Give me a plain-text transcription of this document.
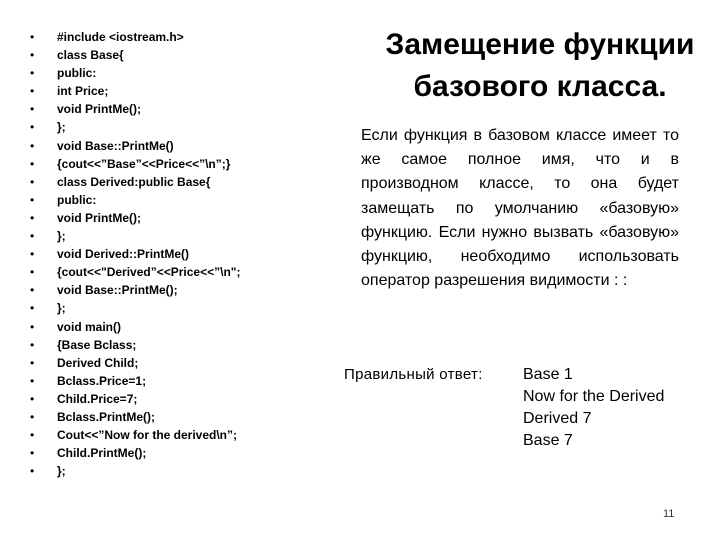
• #include <iostream.h>
• class Base{
• public:
• int Price;
• void PrintMe();
• };
• void Base::PrintMe()
• {cout<<”Base”<<Price<<”\n”;}
• class Derived:public Base{
• public:
• void PrintMe();
• };
• void Derived::PrintMe()
• {cout<<"Derived”<<Price<<”\n";
• void Base::PrintMe();
• };
• void main()
• {Base Bclass;
• Derived Child;
• Bclass.Price=1;
• Child.Price=7;
• Bclass.PrintMe();
• Cout<<”Now for the derived\n”;
• Child.PrintMe();
• };
Замещение функции
базового класса.
Если функция в базовом классе имеет то же самое полное имя, что и в производном классе, то она будет замещать по умолчанию «базовую» функцию. Если нужно вызвать «базовую» функцию, необходимо использовать оператор разрешения видимости : :
Правильный ответ:	Base 1
Now for the Derived
Derived 7
Base 7
11
